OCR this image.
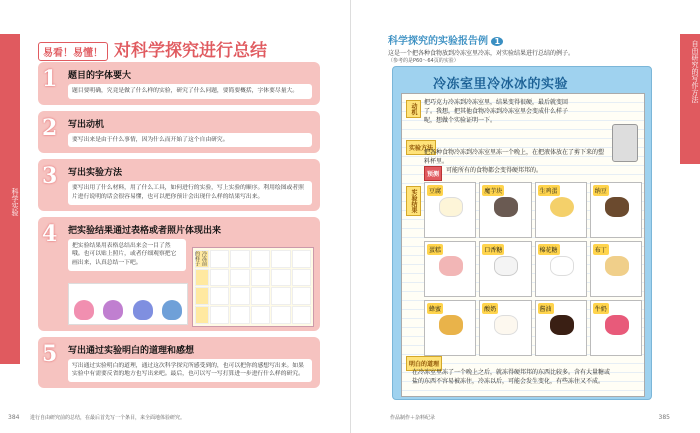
科学实验
易看！易懂！ 对科学探究进行总结
1	题目的字体要大
题目要明确，究竟是做了什么样的实验，研究了什么问题，要简要概括，字体要尽量大。
2	写出动机
要写出来是由于什么事情，因为什么而开始了这个自由研究。
3	写出实验方法
要写出用了什么材料，用了什么工具，如何进行的实验，写上实验的顺序。利用绘图或者照片进行说明的话会很容易懂，也可以把你预计会出现什么样的结果写出来。
4	把实验结果通过表格或者照片体现出来
把实验结果用表格总结出来会一目了然哦。也可以贴上照片，或者仔细观察把它画出来，认真总结一下吧。	冷冻前的样子
5	写出通过实验明白的道理和感想
写出通过实验明白的道理，通过这次科学探究所感受到的，也可以把你的感想写出来。如果实验中有需要反省的地方也写出来吧。最后，也可以写一写打算进一步进行什么样的研究。
384 进行自由研究前的总结，在最后首先写一个条目，来全面地体验研究。
自由研究的写作方法
科学探究的实验报告例 1
这是一个把各种食物放到冷冻室里冷冻，对实验结果进行总结的例子。
（参考的是P60～64页的实验）
冷冻室里冷冰冰的实验
动机
把巧克力冷冻到冷冻室里，结果变得很硬，最后就变回了。我想，把其他食物冷冻到冷冻室里会变成什么样子呢，想做个实验证明一下。
实验方法
把各种食物冷冻到冷冻室里冻一个晚上，在把液体放在了剪下来的塑料杯里。
预测
可能所有的食物都会变得硬邦邦的。
实验结果	豆腐	魔芋块	生鸡蛋	纳豆
蛋糕	口香糖	棉花糖	布丁
蜂蜜	酸奶	酱油	牛奶
明白的道理
在冷冻室里冻了一个晚上之后，就冻得硬邦邦的东西比较多。含有大量糖或盐的东西不容易被冻住，冷冻以后，可能会发生变化，有些冻住又不成。
作品制作＋杂料纪录	385
